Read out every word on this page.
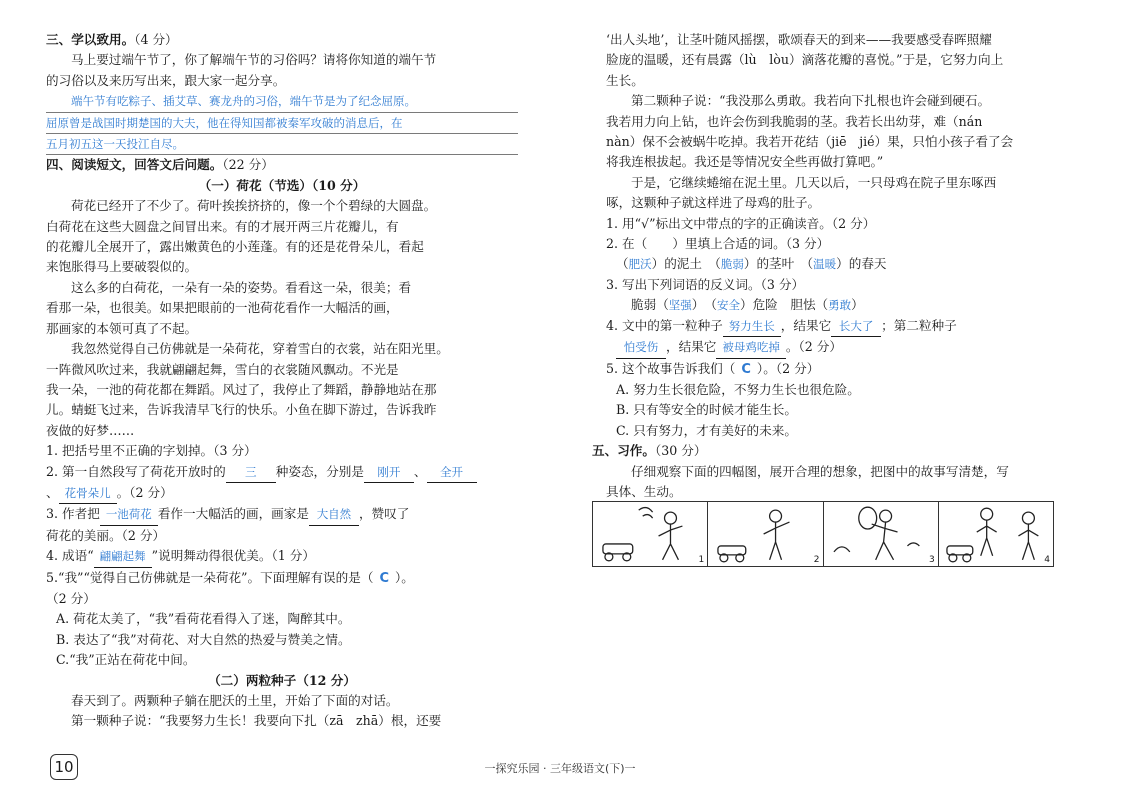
三、学以致用。（4 分）
马上要过端午节了，你了解端午节的习俗吗？请将你知道的端午节
的习俗以及来历写出来，跟大家一起分享。
端午节有吃粽子、插艾草、赛龙舟的习俗，端午节是为了纪念屈原。
屈原曾是战国时期楚国的大夫，他在得知国都被秦军攻破的消息后，在
五月初五这一天投江自尽。
四、阅读短文，回答文后问题。（22 分）
（一）荷花（节选）（10 分）
荷花已经开了不少了。荷叶挨挨挤挤的，像一个个碧绿的大圆盘。
白荷花在这些大圆盘之间冒出来。有的才展开两三片花瓣儿，有
的花瓣儿全展开了，露出嫩黄色的小莲蓬。有的还是花骨朵儿，看起
来饱胀得马上要破裂似的。
这么多的白荷花，一朵有一朵的姿势。看看这一朵，很美；看
看那一朵，也很美。如果把眼前的一池荷花看作一大幅活的画，
那画家的本领可真了不起。
我忽然觉得自己仿佛就是一朵荷花，穿着雪白的衣裳，站在阳光里。
一阵微风吹过来，我就翩翩起舞，雪白的衣裳随风飘动。不光是
我一朵，一池的荷花都在舞蹈。风过了，我停止了舞蹈，静静地站在那
儿。蜻蜓飞过来，告诉我清早飞行的快乐。小鱼在脚下游过，告诉我昨
夜做的好梦……
1. 把括号里不正确的字划掉。（3 分）
2. 第一自然段写了荷花开放时的 三 种姿态，分别是 刚开 、 全开
、 花骨朵儿 。（2 分）
3. 作者把 一池荷花 看作一大幅活的画，画家是 大自然 ，赞叹了
荷花的美丽。（2 分）
4. 成语“ 翩翩起舞 ”说明舞动得很优美。（1 分）
5.“我”“觉得自己仿佛就是一朵荷花”。下面理解有误的是（ C ）。
（2 分）
A. 荷花太美了，“我”看荷花看得入了迷，陶醉其中。
B. 表达了“我”对荷花、对大自然的热爱与赞美之情。
C.“我”正站在荷花中间。
（二）两粒种子（12 分）
春天到了。两颗种子躺在肥沃的土里，开始了下面的对话。
第一颗种子说：“我要努力生长！我要向下扎（zā　zhā）根，还要
‘出人头地’，让茎叶随风摇摆，歌颂春天的到来——我要感受春晖照耀
脸庞的温暖，还有晨露（lù　lòu）滴落花瓣的喜悦。”于是，它努力向上
生长。
第二颗种子说：“我没那么勇敢。我若向下扎根也许会碰到硬石。
我若用力向上钻，也许会伤到我脆弱的茎。我若长出幼芽，难（nán
nàn）保不会被蜗牛吃掉。我若开花结（jiē　jié）果，只怕小孩子看了会
将我连根拔起。我还是等情况安全些再做打算吧。”
于是，它继续蜷缩在泥土里。几天以后，一只母鸡在院子里东啄西
啄，这颗种子就这样进了母鸡的肚子。
1. 用“√”标出文中带点的字的正确读音。（2 分）
2. 在（　　）里填上合适的词。（3 分）
（肥沃）的泥土　（脆弱）的茎叶　（温暖）的春天
3. 写出下列词语的反义词。（3 分）
脆弱（坚强）　（安全）危险　 胆怯（勇敢）
4. 文中的第一粒种子 努力生长 ，结果它 长大了 ；第二粒种子
怕受伤 ，结果它 被母鸡吃掉 。（2 分）
5. 这个故事告诉我们（ C ）。（2 分）
A. 努力生长很危险，不努力生长也很危险。
B. 只有等安全的时候才能生长。
C. 只有努力，才有美好的未来。
五、习作。（30 分）
仔细观察下面的四幅图，展开合理的想象，把图中的故事写清楚，写
具体、生动。
1	2	3	4
10	一探究乐园 · 三年级语文(下)一
